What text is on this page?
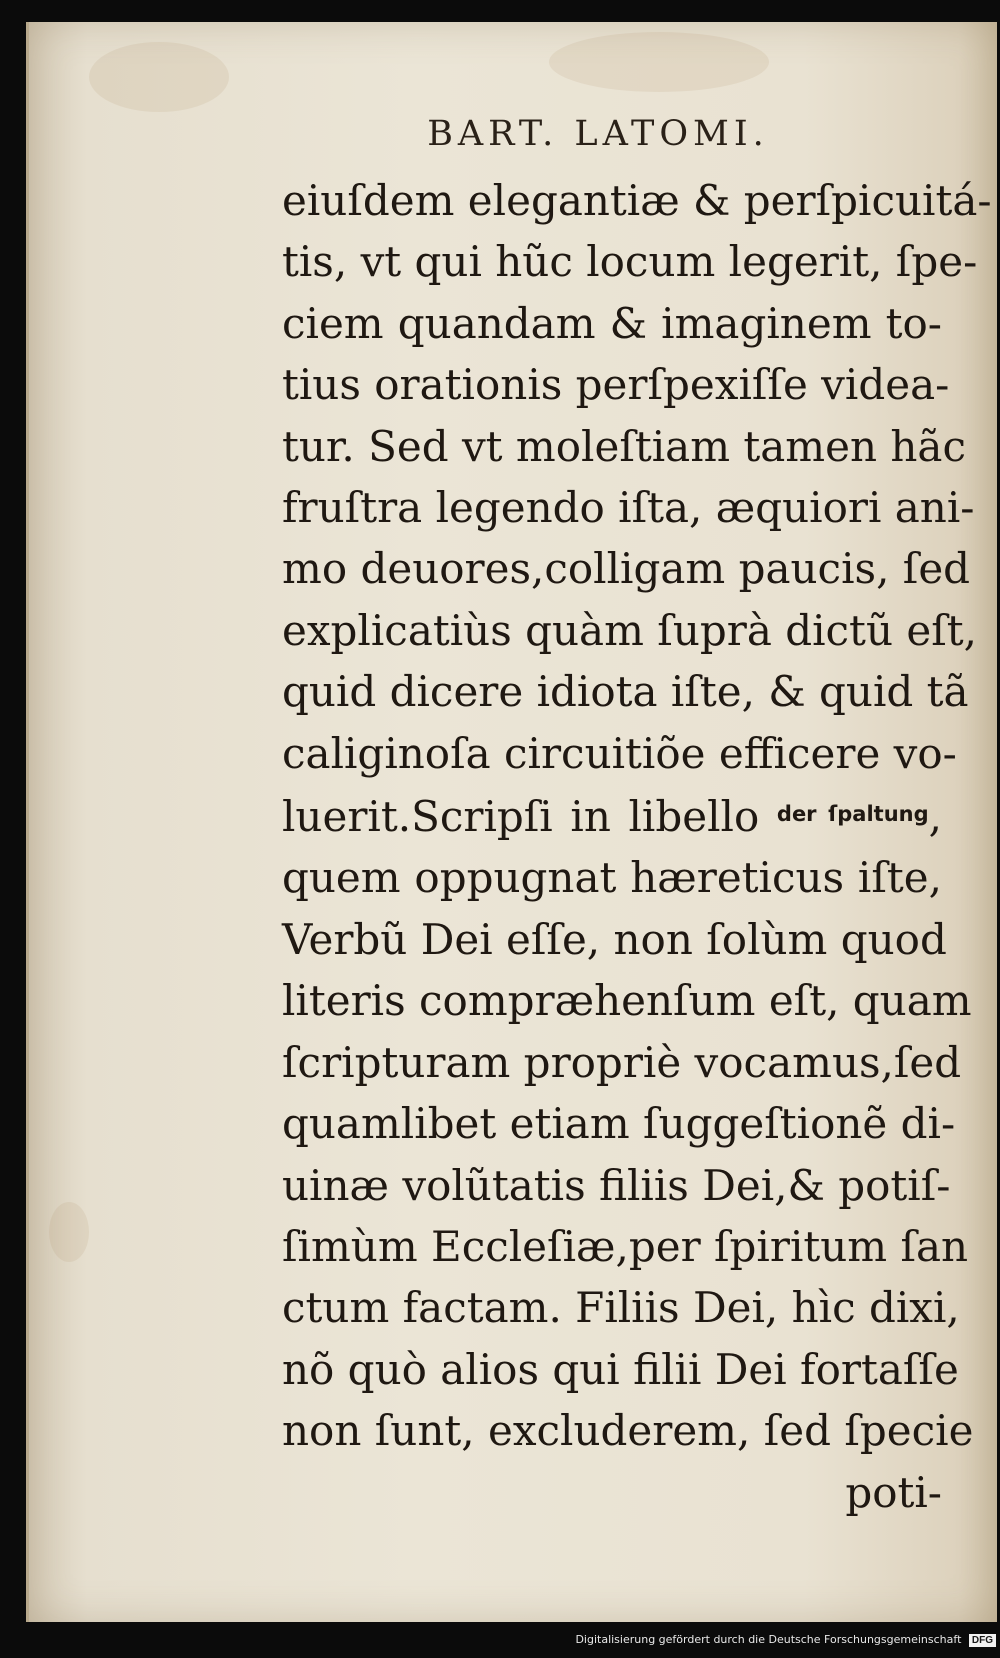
BART. LATOMI.
eiuſdem elegantiæ & perſpicuitá-
tis, vt qui hũc locum legerit, ſpe-
ciem quandam & imaginem to-
tius orationis perſpexiſſe videa-
tur. Sed vt moleſtiam tamen hãc
fruſtra legendo iſta, æquiori ani-
mo deuores,colligam paucis, ſed
explicatiùs quàm ſuprà dictũ eſt,
quid dicere idiota iſte, & quid tã
caliginoſa circuitiõe efficere vo-
luerit.Scripſi in libello $^{der ſpaltung}$,
quem oppugnat hæreticus iſte,
Verbũ Dei eſſe, non ſolùm quod
literis compræhenſum eſt, quam
ſcripturam propriè vocamus,ſed
quamlibet etiam ſuggeſtionẽ di-
uinæ volũtatis filiis Dei,& potiſ-
ſimùm Eccleſiæ,per ſpiritum ſan
ctum factam. Filiis Dei, hìc dixi,
nõ quò alios qui filii Dei fortaſſe
non ſunt, excluderem, ſed ſpecie
poti-
Digitalisierung gefördert durch die Deutsche Forschungsgemeinschaft DFG
